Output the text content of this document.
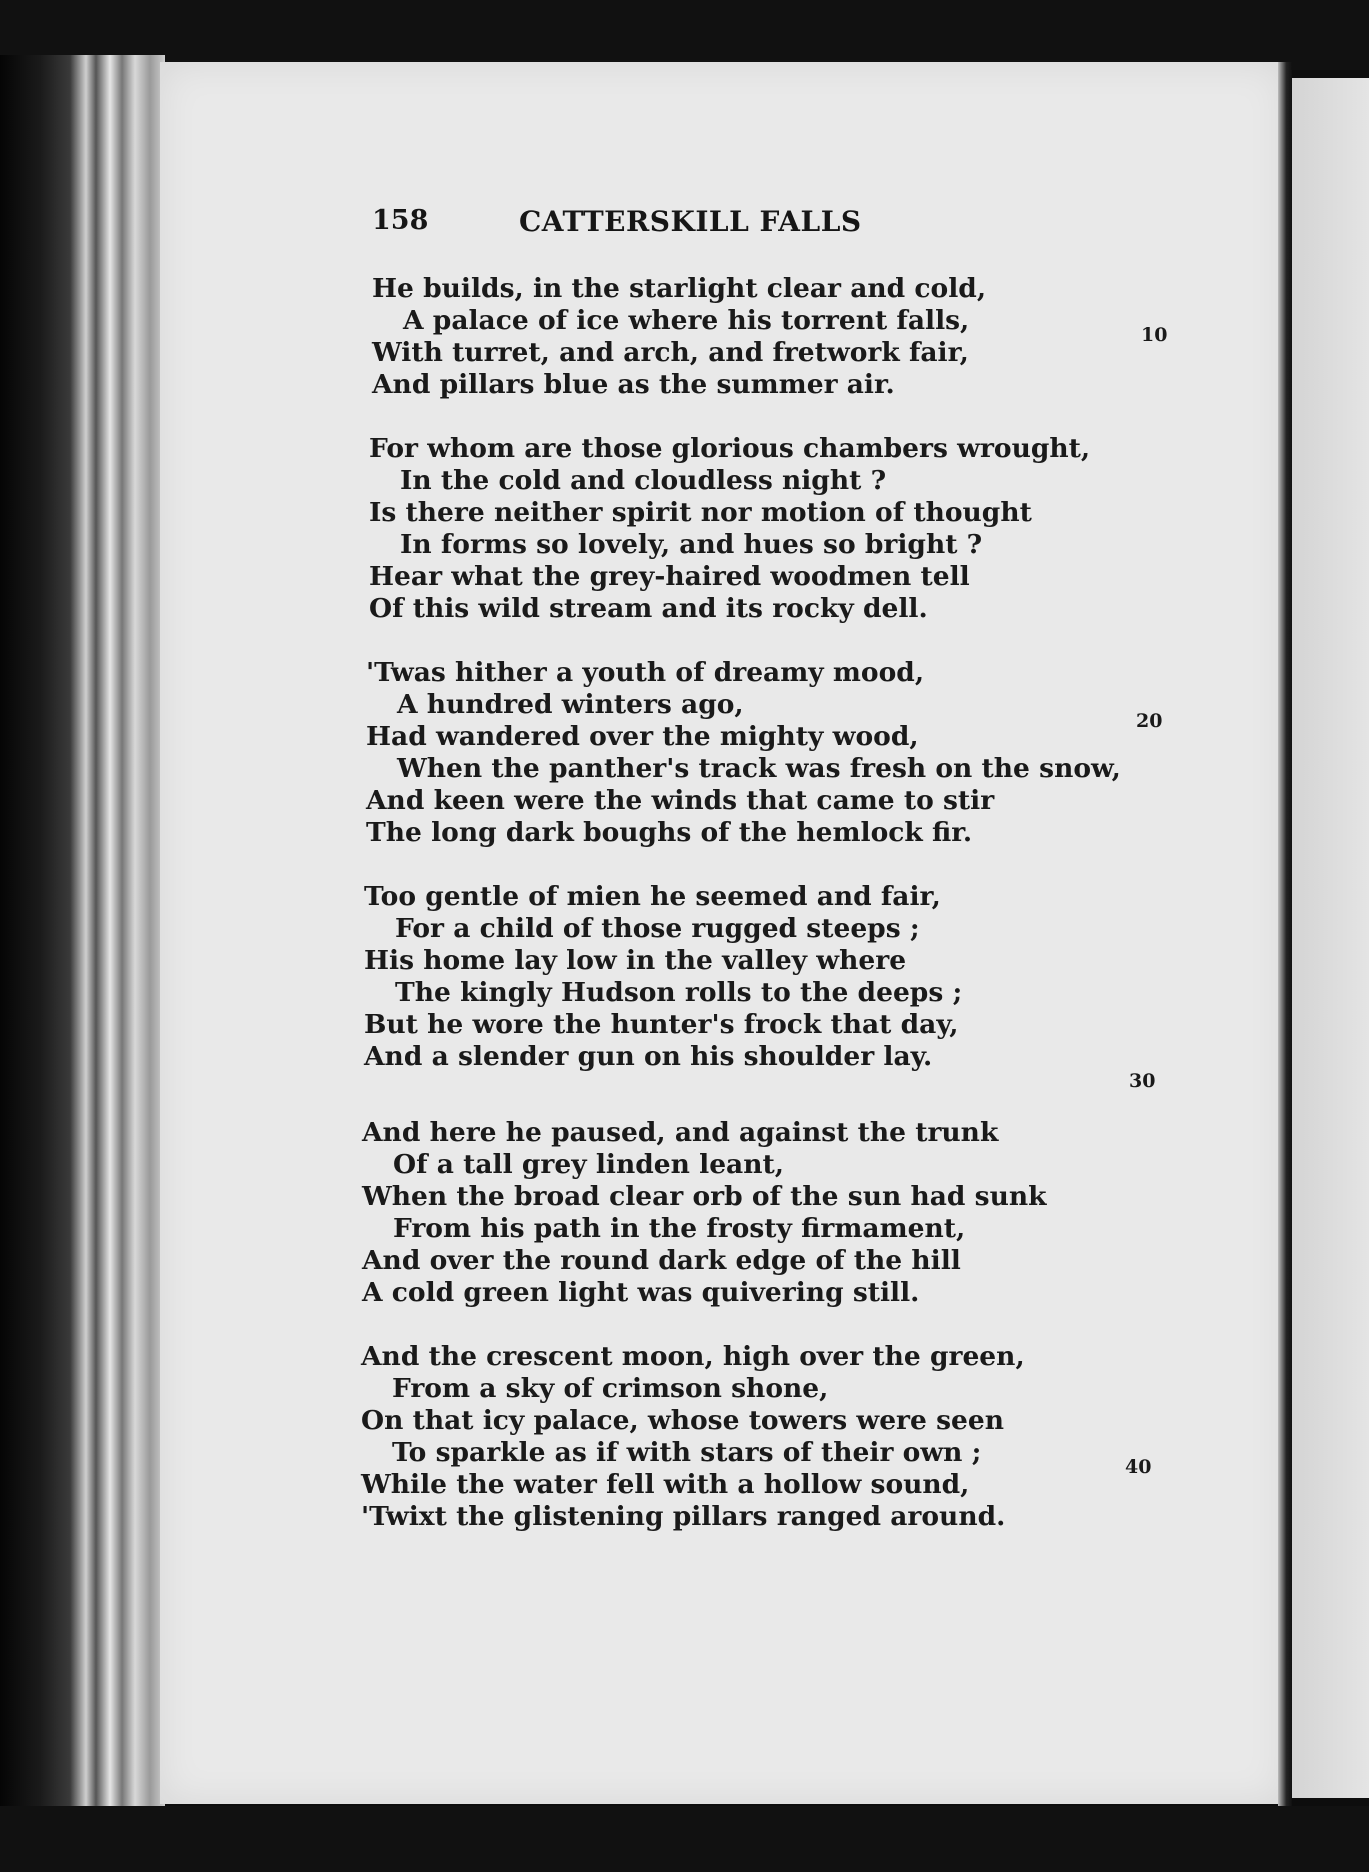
158	CATTERSKILL FALLS
He builds, in the starlight clear and cold,
A palace of ice where his torrent falls,
With turret, and arch, and fretwork fair,
And pillars blue as the summer air.
For whom are those glorious chambers wrought,
In the cold and cloudless night ?
Is there neither spirit nor motion of thought
In forms so lovely, and hues so bright ?
Hear what the grey-haired woodmen tell
Of this wild stream and its rocky dell.
'Twas hither a youth of dreamy mood,
A hundred winters ago,
Had wandered over the mighty wood,
When the panther's track was fresh on the snow,
And keen were the winds that came to stir
The long dark boughs of the hemlock fir.
Too gentle of mien he seemed and fair,
For a child of those rugged steeps ;
His home lay low in the valley where
The kingly Hudson rolls to the deeps ;
But he wore the hunter's frock that day,
And a slender gun on his shoulder lay.
And here he paused, and against the trunk
Of a tall grey linden leant,
When the broad clear orb of the sun had sunk
From his path in the frosty firmament,
And over the round dark edge of the hill
A cold green light was quivering still.
And the crescent moon, high over the green,
From a sky of crimson shone,
On that icy palace, whose towers were seen
To sparkle as if with stars of their own ;
While the water fell with a hollow sound,
'Twixt the glistening pillars ranged around.
10
20
30
40
